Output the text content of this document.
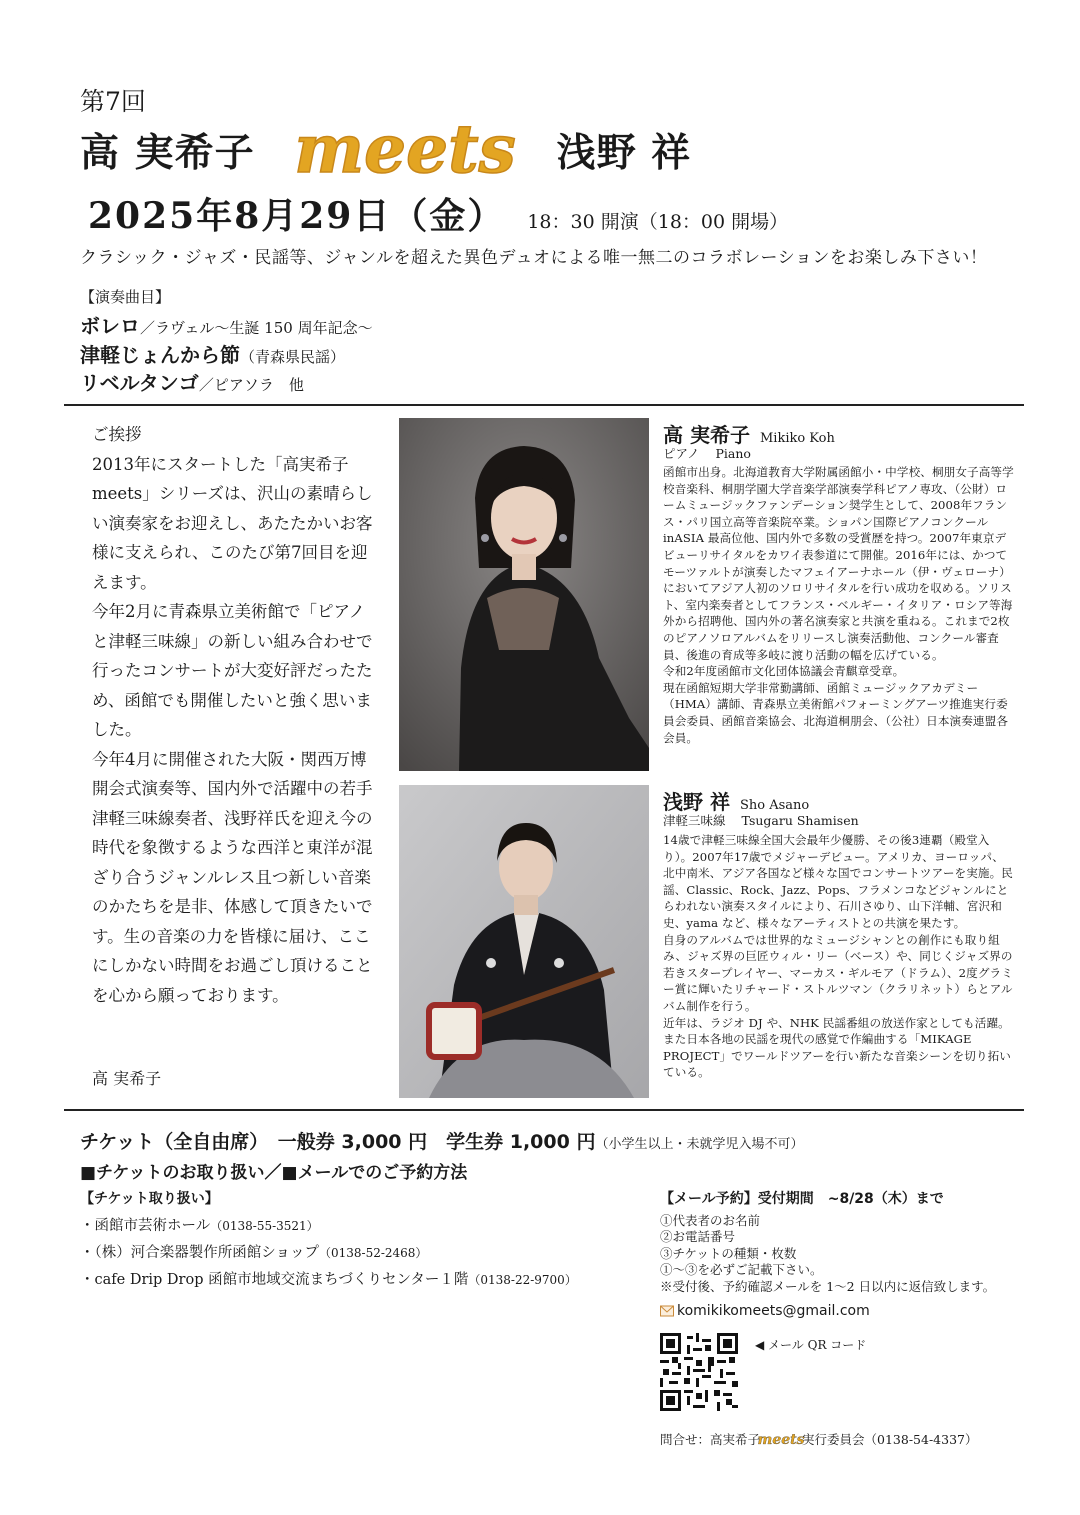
第7回
高 実希子 meets 浅野 祥
2025年8月29日（金） 18：30 開演（18：00 開場）
クラシック・ジャズ・民謡等、ジャンルを超えた異色デュオによる唯一無二のコラボレーションをお楽しみ下さい！
【演奏曲目】
ボレロ／ラヴェル～生誕 150 周年記念～
津軽じょんから節（青森県民謡）
リベルタンゴ／ピアソラ　他

ご挨拶

2013年にスタートした「高実希子meets」シリーズは、沢山の素晴らしい演奏家をお迎えし、あたたかいお客様に支えられ、このたび第7回目を迎えます。

今年2月に青森県立美術館で「ピアノと津軽三味線」の新しい組み合わせで行ったコンサートが大変好評だったため、函館でも開催したいと強く思いました。

今年4月に開催された大阪・関西万博開会式演奏等、国内外で活躍中の若手津軽三味線奏者、浅野祥氏を迎え今の時代を象徴するような西洋と東洋が混ざり合うジャンルレス且つ新しい音楽のかたちを是非、体感して頂きたいです。生の音楽の力を皆様に届け、ここにしかない時間をお過ごし頂けることを心から願っております。

高 実希子
高 実希子 Mikiko Koh
ピアノ Piano
函館市出身。北海道教育大学附属函館小・中学校、桐朋女子高等学校音楽科、桐朋学園大学音楽学部演奏学科ピアノ専攻、（公財）ロームミュージックファンデーション奨学生として、2008年フランス・パリ国立高等音楽院卒業。ショパン国際ピアノコンクール inASIA 最高位他、国内外で多数の受賞歴を持つ。2007年東京デビューリサイタルをカワイ表参道にて開催。2016年には、かつてモーツァルトが演奏したマフェイアーナホール（伊・ヴェローナ）においてアジア人初のソロリサイタルを行い成功を収める。ソリスト、室内楽奏者としてフランス・ベルギー・イタリア・ロシア等海外から招聘他、国内外の著名演奏家と共演を重ねる。これまで2枚のピアノソロアルバムをリリースし演奏活動他、コンクール審査員、後進の育成等多岐に渡り活動の幅を広げている。
令和2年度函館市文化団体協議会青麒章受章。
現在函館短期大学非常勤講師、函館ミュージックアカデミー（HMA）講師、青森県立美術館パフォーミングアーツ推進実行委員会委員、函館音楽協会、北海道桐朋会、（公社）日本演奏連盟各会員。
浅野 祥 Sho Asano
津軽三味線 Tsugaru Shamisen
14歳で津軽三味線全国大会最年少優勝、その後3連覇（殿堂入り）。2007年17歳でメジャーデビュー。アメリカ、ヨーロッパ、北中南米、アジア各国など様々な国でコンサートツアーを実施。民謡、Classic、Rock、Jazz、Pops、フラメンコなどジャンルにとらわれない演奏スタイルにより、石川さゆり、山下洋輔、宮沢和史、yama など、様々なアーティストとの共演を果たす。
自身のアルバムでは世界的なミュージシャンとの創作にも取り組み、ジャズ界の巨匠ウィル・リー（ベース）や、同じくジャズ界の若きスタープレイヤー、マーカス・ギルモア（ドラム）、2度グラミー賞に輝いたリチャード・ストルツマン（クラリネット）らとアルバム制作を行う。
近年は、ラジオ DJ や、NHK 民謡番組の放送作家としても活躍。また日本各地の民謡を現代の感覚で作編曲する「MIKAGE PROJECT」でワールドツアーを行い新たな音楽シーンを切り拓いている。
チケット（全自由席）　一般券 3,000 円　学生券 1,000 円（小学生以上・未就学児入場不可）
■チケットのお取り扱い／■メールでのご予約方法
【チケット取り扱い】
・函館市芸術ホール（0138-55-3521）
・（株）河合楽器製作所函館ショップ（0138-52-2468）
・cafe Drip Drop 函館市地域交流まちづくりセンター１階（0138-22-9700）
【メール予約】受付期間　~8/28（木）まで
①代表者のお名前
②お電話番号
③チケットの種類・枚数
①～③を必ずご記載下さい。
※受付後、予約確認メールを 1～2 日以内に返信致します。
komikikomeets@gmail.com
◀ メール QR コード
問合せ：高実希子
meets
実行委員会（0138-54-4337）
